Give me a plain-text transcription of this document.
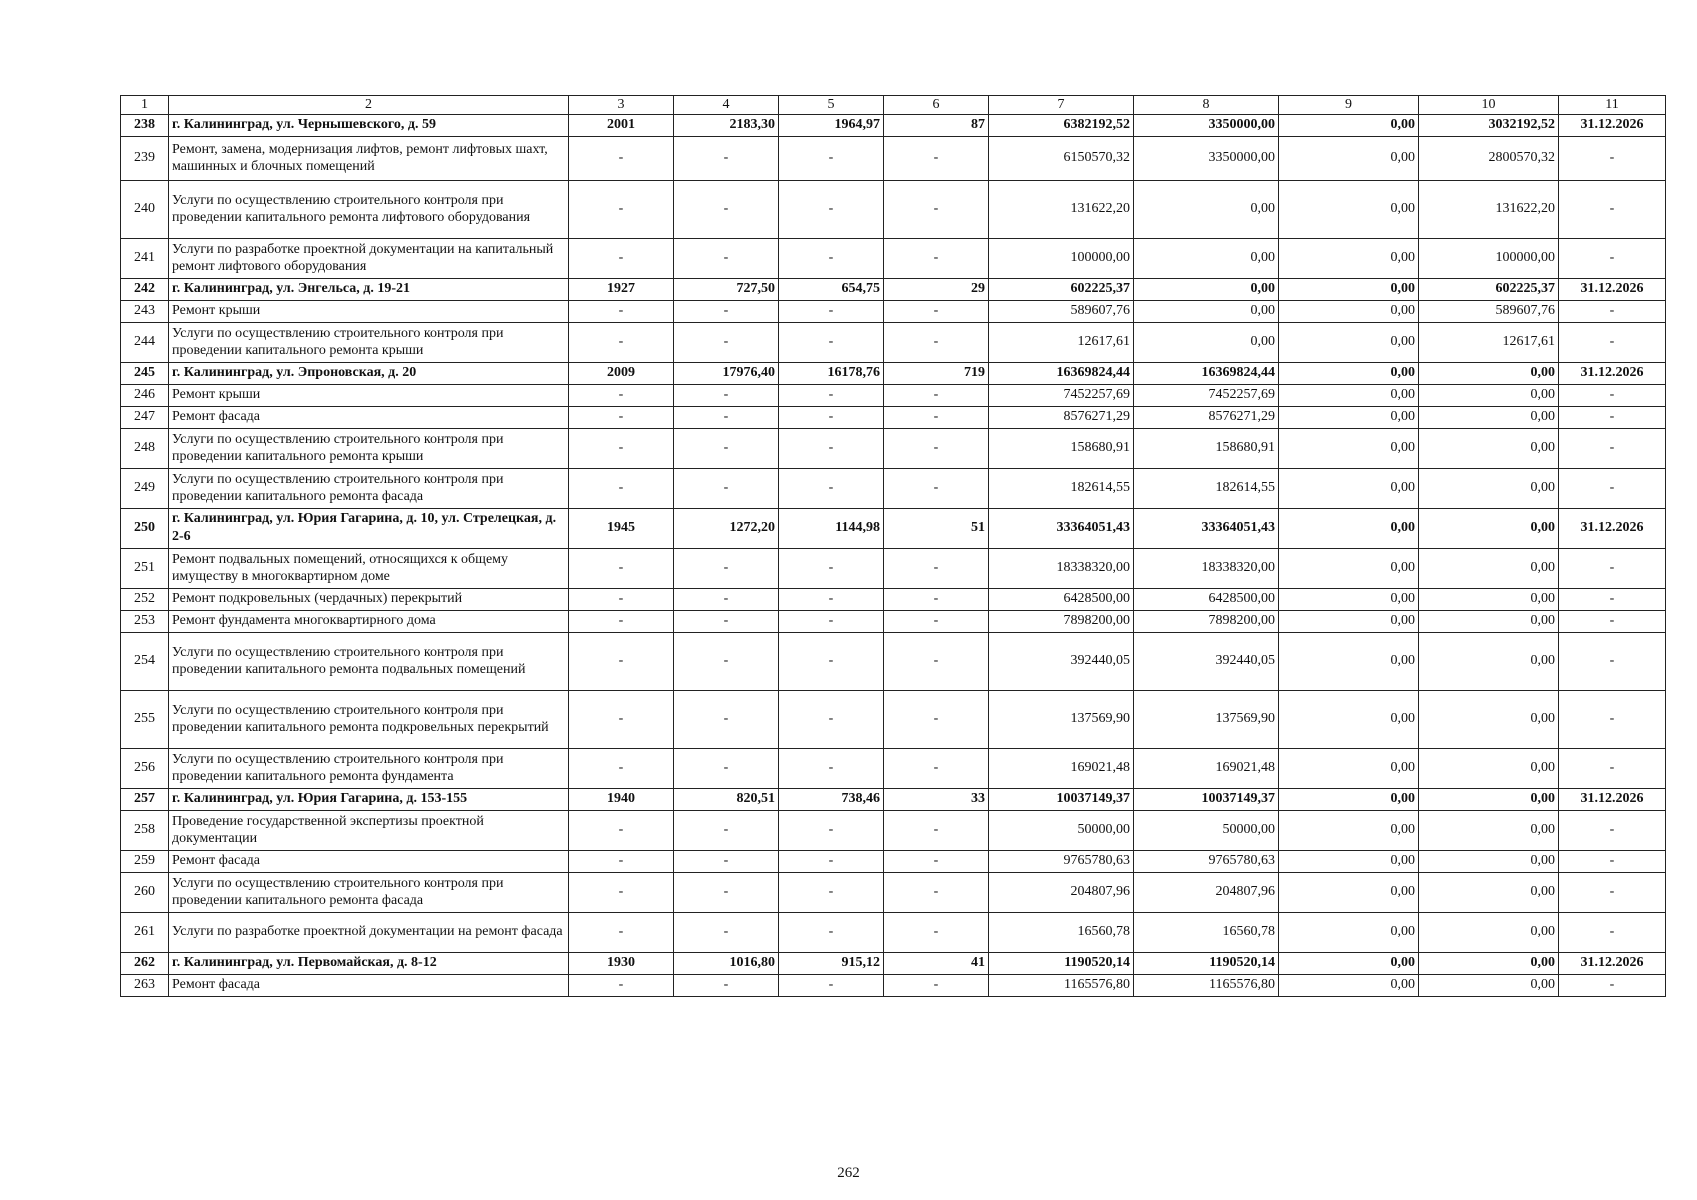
1	2	3	4	5	6	7	8	9	10	11
238	г. Калининград, ул. Чернышевского, д. 59	2001	2183,30	1964,97	87	6382192,52	3350000,00	0,00	3032192,52	31.12.2026
239	Ремонт, замена, модернизация лифтов, ремонт лифтовых шахт, машинных и блочных помещений	-	-	-	-	6150570,32	3350000,00	0,00	2800570,32	-
240	Услуги по осуществлению строительного контроля при проведении капитального ремонта лифтового оборудования	-	-	-	-	131622,20	0,00	0,00	131622,20	-
241	Услуги по разработке проектной документации на капитальный ремонт лифтового оборудования	-	-	-	-	100000,00	0,00	0,00	100000,00	-
242	г. Калининград, ул. Энгельса, д. 19-21	1927	727,50	654,75	29	602225,37	0,00	0,00	602225,37	31.12.2026
243	Ремонт крыши	-	-	-	-	589607,76	0,00	0,00	589607,76	-
244	Услуги по осуществлению строительного контроля при проведении капитального ремонта крыши	-	-	-	-	12617,61	0,00	0,00	12617,61	-
245	г. Калининград, ул. Эпроновская, д. 20	2009	17976,40	16178,76	719	16369824,44	16369824,44	0,00	0,00	31.12.2026
246	Ремонт крыши	-	-	-	-	7452257,69	7452257,69	0,00	0,00	-
247	Ремонт фасада	-	-	-	-	8576271,29	8576271,29	0,00	0,00	-
248	Услуги по осуществлению строительного контроля при проведении капитального ремонта крыши	-	-	-	-	158680,91	158680,91	0,00	0,00	-
249	Услуги по осуществлению строительного контроля при проведении капитального ремонта фасада	-	-	-	-	182614,55	182614,55	0,00	0,00	-
250	г. Калининград, ул. Юрия Гагарина, д. 10, ул. Стрелецкая, д. 2-6	1945	1272,20	1144,98	51	33364051,43	33364051,43	0,00	0,00	31.12.2026
251	Ремонт подвальных помещений, относящихся к общему имуществу в многоквартирном доме	-	-	-	-	18338320,00	18338320,00	0,00	0,00	-
252	Ремонт подкровельных (чердачных) перекрытий	-	-	-	-	6428500,00	6428500,00	0,00	0,00	-
253	Ремонт фундамента многоквартирного дома	-	-	-	-	7898200,00	7898200,00	0,00	0,00	-
254	Услуги по осуществлению строительного контроля при проведении капитального ремонта подвальных помещений	-	-	-	-	392440,05	392440,05	0,00	0,00	-
255	Услуги по осуществлению строительного контроля при проведении капитального ремонта подкровельных перекрытий	-	-	-	-	137569,90	137569,90	0,00	0,00	-
256	Услуги по осуществлению строительного контроля при проведении капитального ремонта фундамента	-	-	-	-	169021,48	169021,48	0,00	0,00	-
257	г. Калининград, ул. Юрия Гагарина, д. 153-155	1940	820,51	738,46	33	10037149,37	10037149,37	0,00	0,00	31.12.2026
258	Проведение государственной экспертизы проектной документации	-	-	-	-	50000,00	50000,00	0,00	0,00	-
259	Ремонт фасада	-	-	-	-	9765780,63	9765780,63	0,00	0,00	-
260	Услуги по осуществлению строительного контроля при проведении капитального ремонта фасада	-	-	-	-	204807,96	204807,96	0,00	0,00	-
261	Услуги по разработке проектной документации на ремонт фасада	-	-	-	-	16560,78	16560,78	0,00	0,00	-
262	г. Калининград, ул. Первомайская, д. 8-12	1930	1016,80	915,12	41	1190520,14	1190520,14	0,00	0,00	31.12.2026
263	Ремонт фасада	-	-	-	-	1165576,80	1165576,80	0,00	0,00	-
262
